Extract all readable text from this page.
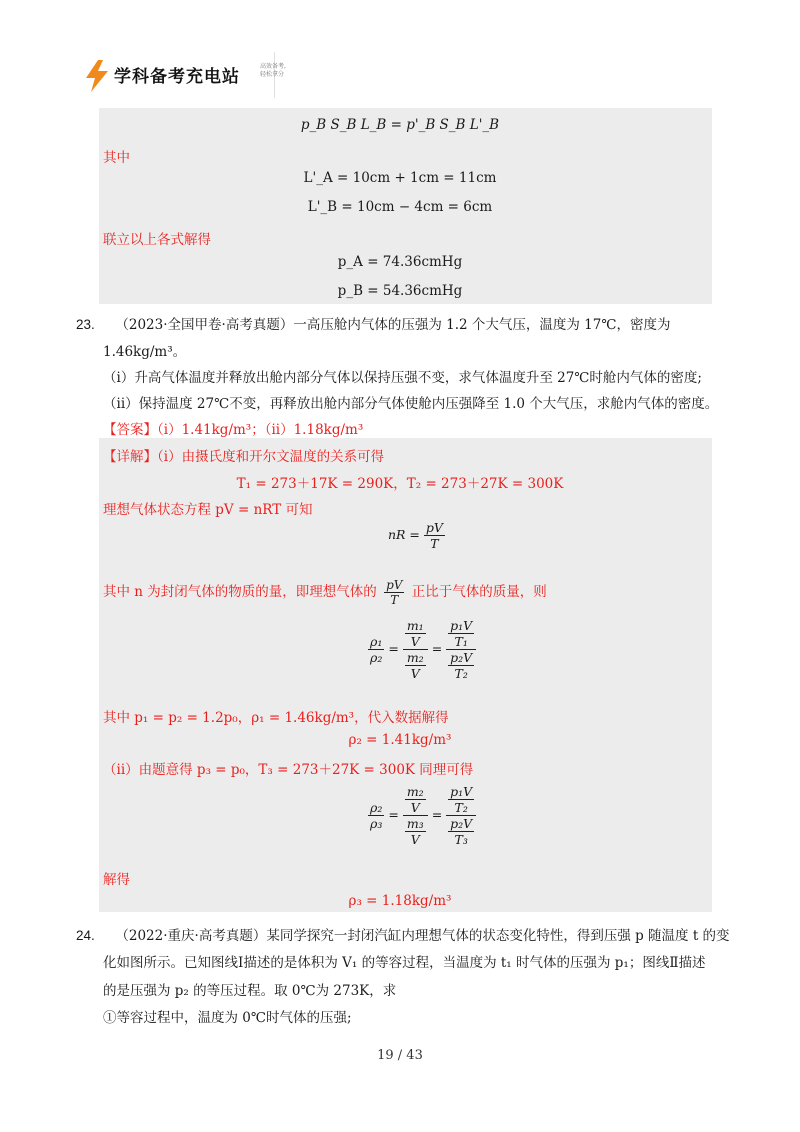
学科备考充电站
高效备考,
轻松拿分
p_B S_B L_B = p'_B S_B L'_B
其中
L'_A = 10cm + 1cm = 11cm
L'_B = 10cm − 4cm = 6cm
联立以上各式解得
p_A = 74.36cmHg
p_B = 54.36cmHg
23. （2023·全国甲卷·高考真题）一高压舱内气体的压强为 1.2 个大气压，温度为 17℃，密度为
1.46kg/m³。
（i）升高气体温度并释放出舱内部分气体以保持压强不变，求气体温度升至 27℃时舱内气体的密度;
（ii）保持温度 27℃不变，再释放出舱内部分气体使舱内压强降至 1.0 个大气压，求舱内气体的密度。
【答案】（i）1.41kg/m³；（ii）1.18kg/m³
【详解】（i）由摄氏度和开尔文温度的关系可得
T₁ = 273＋17K = 290K，T₂ = 273＋27K = 300K
理想气体状态方程 pV = nRT 可知
nR = $\frac{pV}{T}$
其中 n 为封闭气体的物质的量，即理想气体的 $\frac{pV}{T}$ 正比于气体的质量，则
$\frac{\text{ρ₁}}{\text{ρ₂}} = \frac{\frac{\text{m₁}}{V}}{\frac{\text{m₂}}{V}} = \frac{\frac{\text{p₁V}}{\text{T₁}}}{\frac{\text{p₂V}}{\text{T₂}}}$
其中 p₁ = p₂ = 1.2p₀，ρ₁ = 1.46kg/m³，代入数据解得
ρ₂ = 1.41kg/m³
（ii）由题意得 p₃ = p₀，T₃ = 273＋27K = 300K 同理可得
$\frac{\text{ρ₂}}{\text{ρ₃}} = \frac{\frac{\text{m₂}}{V}}{\frac{\text{m₃}}{V}} = \frac{\frac{\text{p₁V}}{\text{T₂}}}{\frac{\text{p₂V}}{\text{T₃}}}$
解得
ρ₃ = 1.18kg/m³
24. （2022·重庆·高考真题）某同学探究一封闭汽缸内理想气体的状态变化特性，得到压强 p 随温度 t 的变
化如图所示。已知图线Ⅰ描述的是体积为 V₁ 的等容过程，当温度为 t₁ 时气体的压强为 p₁；图线Ⅱ描述
的是压强为 p₂ 的等压过程。取 0℃为 273K，求
①等容过程中，温度为 0℃时气体的压强;
19 / 43
